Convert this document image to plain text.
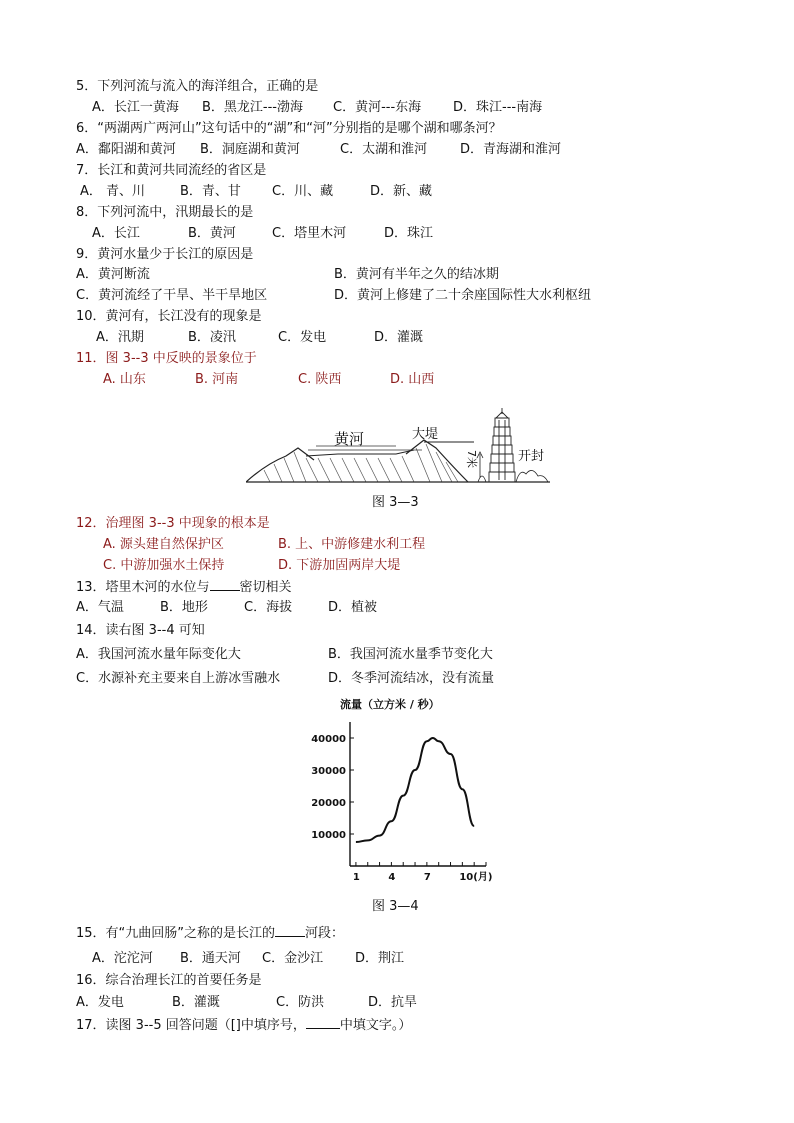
5．下列河流与流入的海洋组合，正确的是
A．长江一黄海 B．黑龙江---渤海 C．黄河---东海 D．珠江---南海
6．“两湖两广两河山”这句话中的“湖”和“河”分别指的是哪个湖和哪条河？
A．鄱阳湖和黄河 B．洞庭湖和黄河	C．太湖和淮河	D．青海湖和淮河
7．长江和黄河共同流经的省区是
A． 青、川	B．青、甘 C．川、藏	D．新、藏
8．下列河流中，汛期最长的是
A．长江	B．黄河	C．塔里木河	D．珠江
9．黄河水量少于长江的原因是
A．黄河断流	B．黄河有半年之久的结冰期
C．黄河流经了干旱、半干旱地区	D．黄河上修建了二十余座国际性大水利枢纽
10．黄河有，长江没有的现象是
A．汛期	B．凌汛	C．发电	D．灌溉
11．图 3--3 中反映的景象位于
A. 山东	B. 河南	C. 陕西	D. 山西
黄河	大堤
7米	开封
图 3—3
12．治理图 3--3 中现象的根本是
A. 源头建自然保护区	B. 上、中游修建水利工程
C. 中游加强水土保持	D. 下游加固两岸大堤
13．塔里木河的水位与 密切相关
A．气温	B．地形	C．海拔	D．植被
14．读右图 3--4 可知
A．我国河流水量年际变化大	B．我国河流水量季节变化大
C．水源补充主要来自上游冰雪融水	D．冬季河流结冰，没有流量
10000
20000
30000
40000
1	4	7	10(月)
流量（立方米 / 秒）
图 3—4
15．有“九曲回肠”之称的是长江的 河段：
A．沱沱河 B．通天河 C．金沙江 D．荆江
16．综合治理长江的首要任务是
A．发电	B．灌溉	C．防洪	D．抗旱
17．读图 3--5 回答问题（[]中填序号，	中填文字。）
